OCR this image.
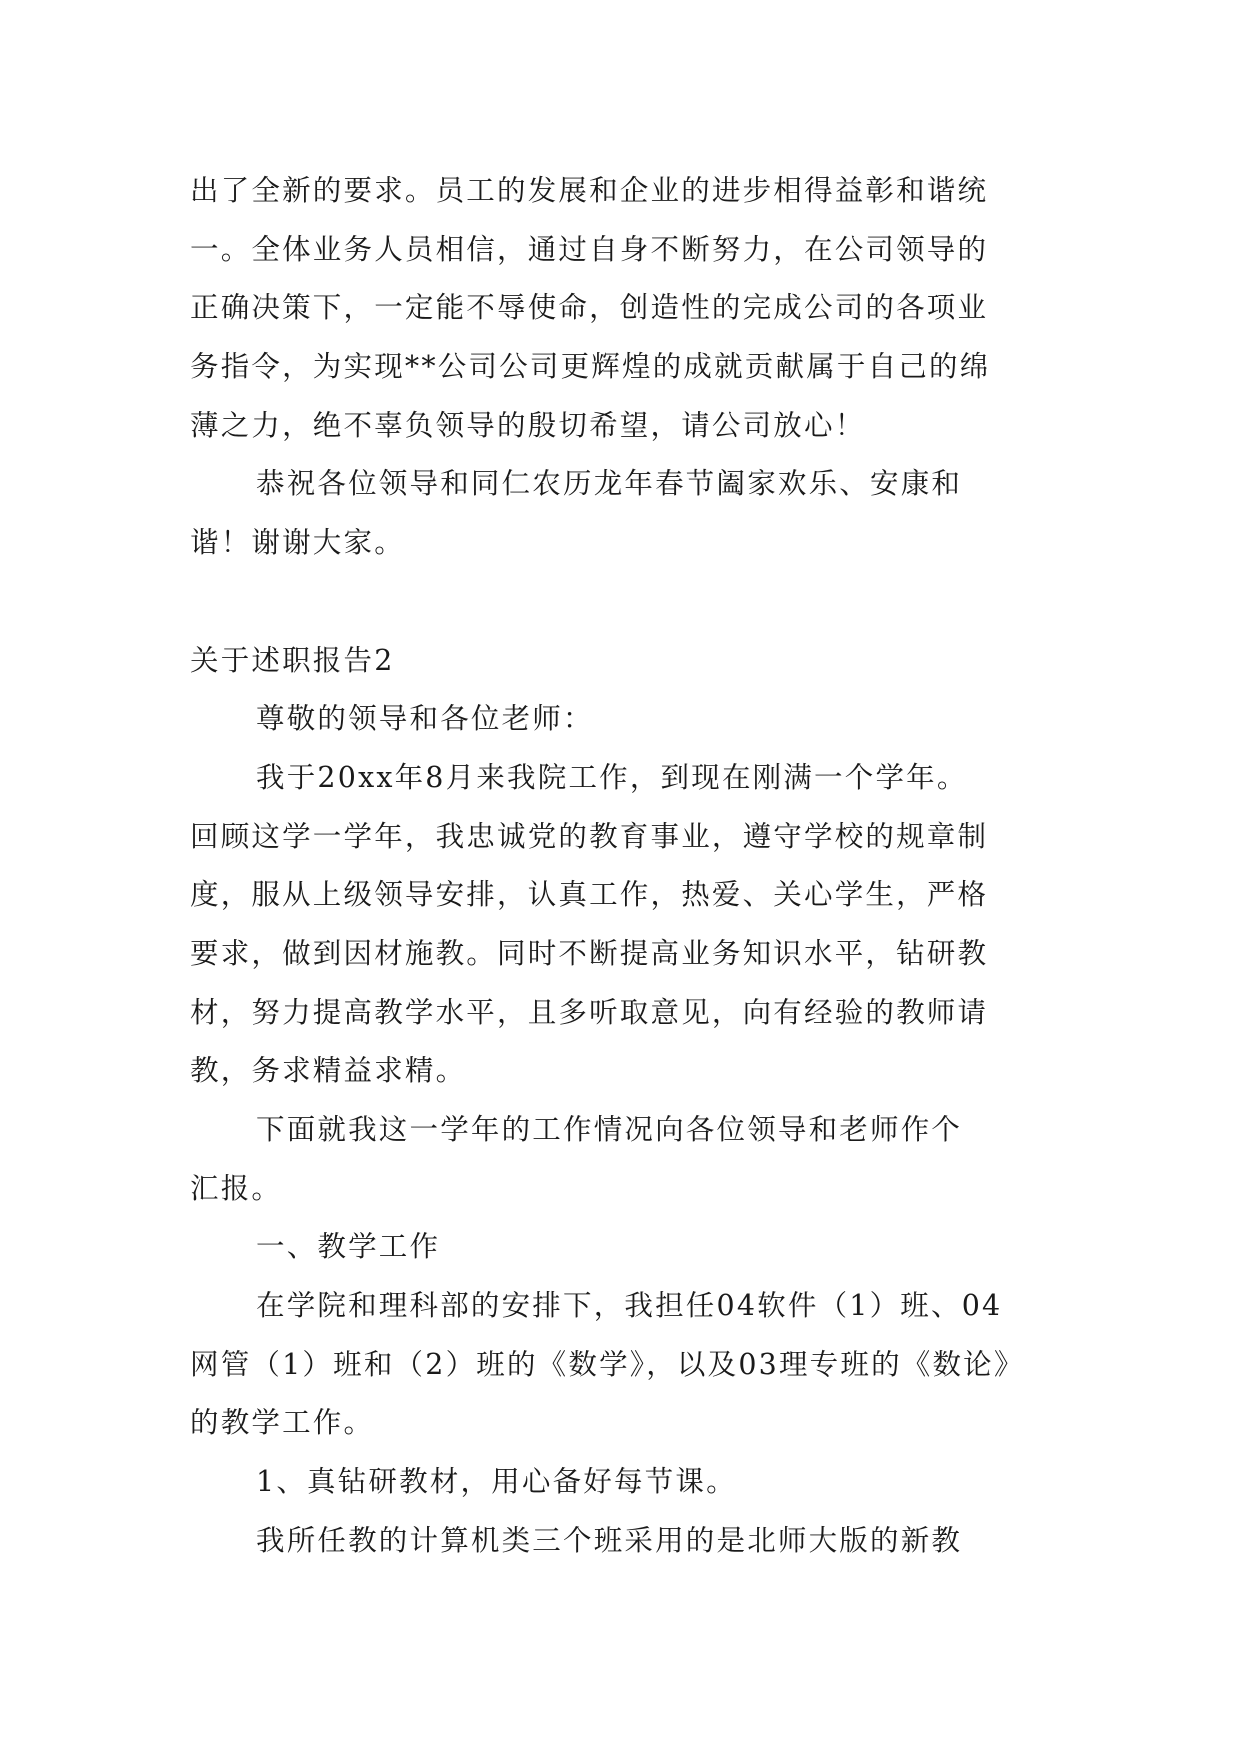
出了全新的要求。员工的发展和企业的进步相得益彰和谐统
一。全体业务人员相信，通过自身不断努力，在公司领导的
正确决策下，一定能不辱使命，创造性的完成公司的各项业
务指令，为实现**公司公司更辉煌的成就贡献属于自己的绵
薄之力，绝不辜负领导的殷切希望，请公司放心！
恭祝各位领导和同仁农历龙年春节阖家欢乐、安康和
谐！谢谢大家。
关于述职报告2
尊敬的领导和各位老师：
我于20xx年8月来我院工作，到现在刚满一个学年。
回顾这学一学年，我忠诚党的教育事业，遵守学校的规章制
度，服从上级领导安排，认真工作，热爱、关心学生，严格
要求，做到因材施教。同时不断提高业务知识水平，钻研教
材，努力提高教学水平，且多听取意见，向有经验的教师请
教，务求精益求精。
下面就我这一学年的工作情况向各位领导和老师作个
汇报。
一、教学工作
在学院和理科部的安排下，我担任04软件（1）班、04
网管（1）班和（2）班的《数学》，以及03理专班的《数论》
的教学工作。
1、真钻研教材，用心备好每节课。
我所任教的计算机类三个班采用的是北师大版的新教
